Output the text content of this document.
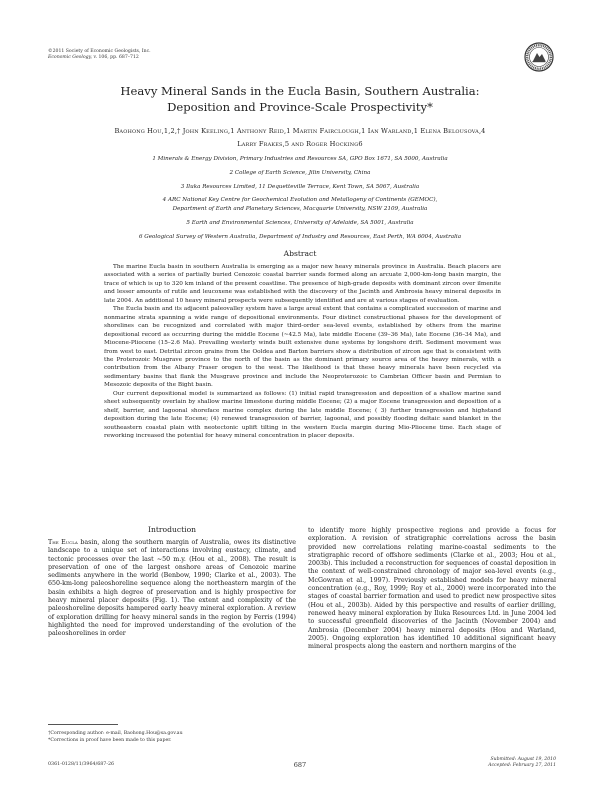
©2011 Society of Economic Geologists, Inc.
Economic Geology, v. 106, pp. 687–712
Heavy Mineral Sands in the Eucla Basin, Southern Australia:
Deposition and Province-Scale Prospectivity*
Baohong Hou,1,2,† John Keeling,1 Anthony Reid,1 Martin Fairclough,1 Ian Warland,1 Elena Belousova,4
Larry Frakes,5 and Roger Hocking6
1 Minerals & Energy Division, Primary Industries and Resources SA, GPO Box 1671, SA 5000, Australia
2 College of Earth Science, Jilin University, China
3 Iluka Resources Limited, 11 Dequetteville Terrace, Kent Town, SA 5067, Australia
4 ARC National Key Centre for Geochemical Evolution and Metallogeny of Continents (GEMOC),
Department of Earth and Planetary Sciences, Macquarie University, NSW 2109, Australia
5 Earth and Environmental Sciences, University of Adelaide, SA 5001, Australia
6 Geological Survey of Western Australia, Department of Industry and Resources, East Perth, WA 6004, Australia
Abstract

The marine Eucla basin in southern Australia is emerging as a major new heavy minerals province in Australia. Beach placers are associated with a series of partially buried Cenozoic coastal barrier sands formed along an arcuate 2,000-km-long basin margin, the trace of which is up to 320 km inland of the present coastline. The presence of high-grade deposits with dominant zircon over ilmenite and lesser amounts of rutile and leucoxene was established with the discovery of the Jacinth and Ambrosia heavy mineral deposits in late 2004. An additional 10 heavy mineral prospects were subsequently identified and are at various stages of evaluation.

The Eucla basin and its adjacent paleovalley system have a large areal extent that contains a complicated succession of marine and nonmarine strata spanning a wide range of depositional environments. Four distinct constructional phases for the development of shorelines can be recognized and correlated with major third-order sea-level events, established by others from the marine depositional record as occurring during the middle Eocene (~42.5 Ma), late middle Eocene (39–36 Ma), late Eocene (36–34 Ma), and Miocene-Pliocene (15–2.6 Ma). Prevailing westerly winds built extensive dune systems by longshore drift. Sediment movement was from west to east. Detrital zircon grains from the Ooldea and Barton barriers show a distribution of zircon age that is consistent with the Proterozoic Musgrave province to the north of the basin as the dominant primary source area of the heavy minerals, with a contribution from the Albany Fraser orogen to the west. The likelihood is that these heavy minerals have been recycled via sedimentary basins that flank the Musgrave province and include the Neoproterozoic to Cambrian Officer basin and Permian to Mesozoic deposits of the Bight basin.

Our current depositional model is summarized as follows: (1) initial rapid transgression and deposition of a shallow marine sand sheet subsequently overlain by shallow marine limestone during middle Eocene; (2) a major Eocene transgression and deposition of a shelf, barrier, and lagoonal shoreface marine complex during the late middle Eocene; ( 3) further transgression and highstand deposition during the late Eocene; (4) renewed transgression of barrier, lagoonal, and possibly flooding deltaic sand blanket in the southeastern coastal plain with neotectonic uplift tilting in the western Eucla margin during Mio-Pliocene time. Each stage of reworking increased the potential for heavy mineral concentration in placer deposits.

Introduction

The Eucla basin, along the southern margin of Australia, owes its distinctive landscape to a unique set of interactions involving eustacy, climate, and tectonic processes over the last ~50 m.y. (Hou et al., 2008). The result is preservation of one of the largest onshore areas of Cenozoic marine sediments anywhere in the world (Benbow, 1990; Clarke et al., 2003). The 650-km-long paleoshoreline sequence along the northeastern margin of the basin exhibits a high degree of preservation and is highly prospective for heavy mineral placer deposits (Fig. 1). The extent and complexity of the paleoshoreline deposits hampered early heavy mineral exploration. A review of exploration drilling for heavy mineral sands in the region by Ferris (1994) highlighted the need for improved understanding of the evolution of the paleoshorelines in order

to identify more highly prospective regions and provide a focus for exploration. A revision of stratigraphic correlations across the basin provided new correlations relating marine-coastal sediments to the stratigraphic record of offshore sediments (Clarke et al., 2003; Hou et al., 2003b). This included a reconstruction for sequences of coastal deposition in the context of well-constrained chronology of major sea-level events (e.g., McGowran et al., 1997). Previously established models for heavy mineral concentration (e.g., Roy, 1999; Roy et al., 2000) were incorporated into the stages of coastal barrier formation and used to predict new prospective sites (Hou et al., 2003b). Aided by this perspective and results of earlier drilling, renewed heavy mineral exploration by Iluka Resources Ltd. in June 2004 led to successful greenfield discoveries of the Jacinth (November 2004) and Ambrosia (December 2004) heavy mineral deposits (Hou and Warland, 2005). Ongoing exploration has identified 10 additional significant heavy mineral prospects along the eastern and northern margins of the

†Corresponding author: e-mail, Baohong.Hou@sa.gov.au
*Corrections in proof have been made to this paper.
0361-0128/11/3964/687-26	687
Submitted: August 19, 2010
Accepted: February 27, 2011
